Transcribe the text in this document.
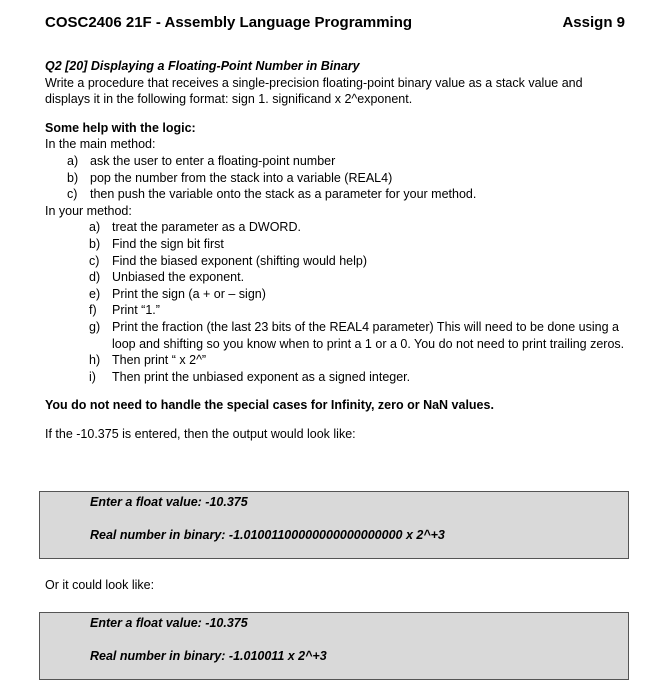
COSC2406 21F - Assembly Language Programming	Assign 9
Q2 [20] Displaying a Floating-Point Number in Binary
Write a procedure that receives a single-precision floating-point binary value as a stack value and
displays it in the following format: sign 1. significand x 2^exponent.
Some help with the logic:
In the main method:
a) ask the user to enter a floating-point number
b) pop the number from the stack into a variable (REAL4)
c) then push the variable onto the stack as a parameter for your method.
In your method:
a) treat the parameter as a DWORD.
b) Find the sign bit first
c) Find the biased exponent (shifting would help)
d) Unbiased the exponent.
e) Print the sign (a + or – sign)
f) Print “1.”
g) Print the fraction (the last 23 bits of the REAL4 parameter) This will need to be done using a loop and shifting so you know when to print a 1 or a 0. You do not need to print trailing zeros.
h) Then print “ x 2^”
i) Then print the unbiased exponent as a signed integer.
You do not need to handle the special cases for Infinity, zero or NaN values.
If the -10.375 is entered, then the output would look like:
Enter a float value: -10.375
Real number in binary: -1.01001100000000000000000 x 2^+3
Or it could look like:
Enter a float value: -10.375
Real number in binary: -1.010011 x 2^+3
